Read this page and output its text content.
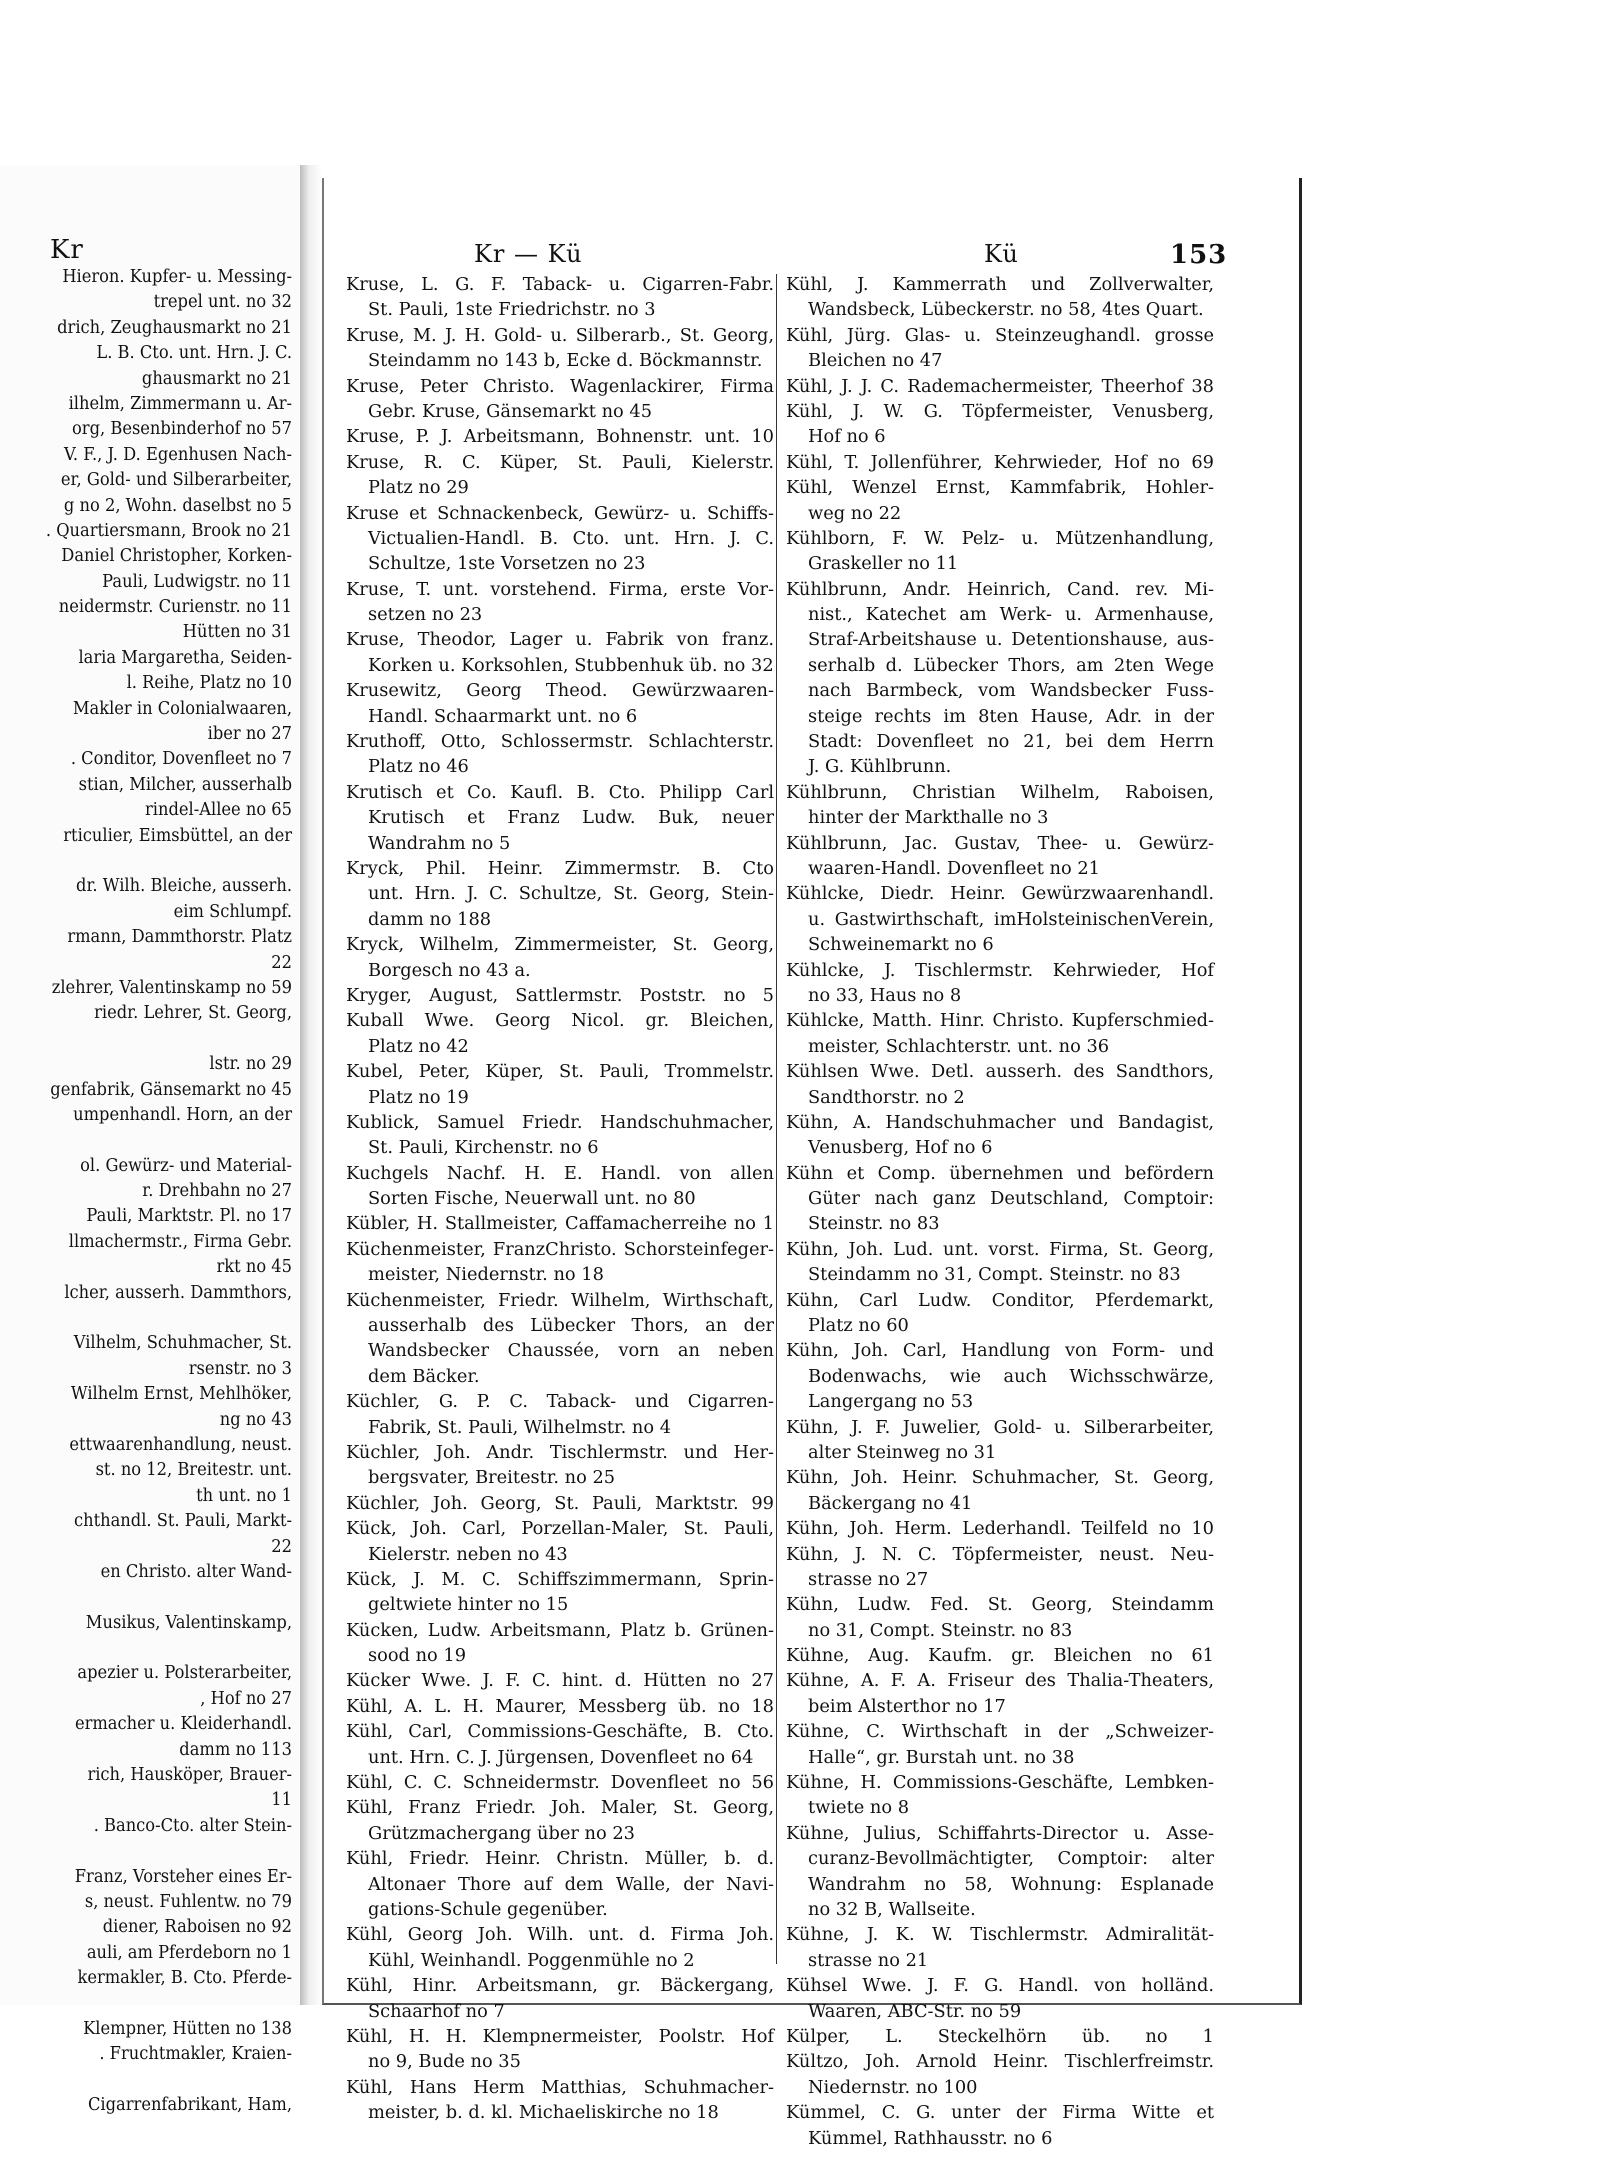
Kr
Hieron. Kupfer- u. Messing-
trepel unt. no 32
drich, Zeughausmarkt no 21
L. B. Cto. unt. Hrn. J. C.
ghausmarkt no 21
ilhelm, Zimmermann u. Ar-
org, Besenbinderhof no 57
V. F., J. D. Egenhusen Nach-
er, Gold- und Silberarbeiter,
g no 2, Wohn. daselbst no 5
. Quartiersmann, Brook no 21
Daniel Christopher, Korken-
Pauli, Ludwigstr. no 11
neidermstr. Curienstr. no 11
Hütten no 31
laria Margaretha, Seiden-
l. Reihe, Platz no 10
Makler in Colonialwaaren,
iber no 27
. Conditor, Dovenfleet no 7
stian, Milcher, ausserhalb
rindel-Allee no 65
rticulier, Eimsbüttel, an der
dr. Wilh. Bleiche, ausserh.
eim Schlumpf.
rmann, Dammthorstr. Platz
22
zlehrer, Valentinskamp no 59
riedr. Lehrer, St. Georg,
lstr. no 29
genfabrik, Gänsemarkt no 45
umpenhandl. Horn, an der
ol. Gewürz- und Material-
r. Drehbahn no 27
Pauli, Marktstr. Pl. no 17
llmachermstr., Firma Gebr.
rkt no 45
lcher, ausserh. Dammthors,
Vilhelm, Schuhmacher, St.
rsenstr. no 3
Wilhelm Ernst, Mehlhöker,
ng no 43
ettwaarenhandlung, neust.
st. no 12, Breitestr. unt.
th unt. no 1
chthandl. St. Pauli, Markt-
22
en Christo. alter Wand-
Musikus, Valentinskamp,
apezier u. Polsterarbeiter,
, Hof no 27
ermacher u. Kleiderhandl.
damm no 113
rich, Hausköper, Brauer-
11
. Banco-Cto. alter Stein-
Franz, Vorsteher eines Er-
s, neust. Fuhlentw. no 79
diener, Raboisen no 92
auli, am Pferdeborn no 1
kermakler, B. Cto. Pferde-
Klempner, Hütten no 138
. Fruchtmakler, Kraien-
Cigarrenfabrikant, Ham,
Kr — Kü	Kü	153
Kruse, L. G. F. Taback- u. Cigarren-Fabr.
St. Pauli, 1ste Friedrichstr. no 3
Kruse, M. J. H. Gold- u. Silberarb., St. Georg,
Steindamm no 143 b, Ecke d. Böckmannstr.
Kruse, Peter Christo. Wagenlackirer, Firma
Gebr. Kruse, Gänsemarkt no 45
Kruse, P. J. Arbeitsmann, Bohnenstr. unt. 10
Kruse, R. C. Küper, St. Pauli, Kielerstr.
Platz no 29
Kruse et Schnackenbeck, Gewürz- u. Schiffs-
Victualien-Handl. B. Cto. unt. Hrn. J. C.
Schultze, 1ste Vorsetzen no 23
Kruse, T. unt. vorstehend. Firma, erste Vor-
setzen no 23
Kruse, Theodor, Lager u. Fabrik von franz.
Korken u. Korksohlen, Stubbenhuk üb. no 32
Krusewitz, Georg Theod. Gewürzwaaren-
Handl. Schaarmarkt unt. no 6
Kruthoff, Otto, Schlossermstr. Schlachterstr.
Platz no 46
Krutisch et Co. Kaufl. B. Cto. Philipp Carl
Krutisch et Franz Ludw. Buk, neuer
Wandrahm no 5
Kryck, Phil. Heinr. Zimmermstr. B. Cto
unt. Hrn. J. C. Schultze, St. Georg, Stein-
damm no 188
Kryck, Wilhelm, Zimmermeister, St. Georg,
Borgesch no 43 a.
Kryger, August, Sattlermstr. Poststr. no 5
Kuball Wwe. Georg Nicol. gr. Bleichen,
Platz no 42
Kubel, Peter, Küper, St. Pauli, Trommelstr.
Platz no 19
Kublick, Samuel Friedr. Handschuhmacher,
St. Pauli, Kirchenstr. no 6
Kuchgels Nachf. H. E. Handl. von allen
Sorten Fische, Neuerwall unt. no 80
Kübler, H. Stallmeister, Caffamacherreihe no 1
Küchenmeister, FranzChristo. Schorsteinfeger-
meister, Niedernstr. no 18
Küchenmeister, Friedr. Wilhelm, Wirthschaft,
ausserhalb des Lübecker Thors, an der
Wandsbecker Chaussée, vorn an neben
dem Bäcker.
Küchler, G. P. C. Taback- und Cigarren-
Fabrik, St. Pauli, Wilhelmstr. no 4
Küchler, Joh. Andr. Tischlermstr. und Her-
bergsvater, Breitestr. no 25
Küchler, Joh. Georg, St. Pauli, Marktstr. 99
Kück, Joh. Carl, Porzellan-Maler, St. Pauli,
Kielerstr. neben no 43
Kück, J. M. C. Schiffszimmermann, Sprin-
geltwiete hinter no 15
Kücken, Ludw. Arbeitsmann, Platz b. Grünen-
sood no 19
Kücker Wwe. J. F. C. hint. d. Hütten no 27
Kühl, A. L. H. Maurer, Messberg üb. no 18
Kühl, Carl, Commissions-Geschäfte, B. Cto.
unt. Hrn. C. J. Jürgensen, Dovenfleet no 64
Kühl, C. C. Schneidermstr. Dovenfleet no 56
Kühl, Franz Friedr. Joh. Maler, St. Georg,
Grützmachergang über no 23
Kühl, Friedr. Heinr. Christn. Müller, b. d.
Altonaer Thore auf dem Walle, der Navi-
gations-Schule gegenüber.
Kühl, Georg Joh. Wilh. unt. d. Firma Joh.
Kühl, Weinhandl. Poggenmühle no 2
Kühl, Hinr. Arbeitsmann, gr. Bäckergang,
Schaarhof no 7
Kühl, H. H. Klempnermeister, Poolstr. Hof
no 9, Bude no 35
Kühl, Hans Herm Matthias, Schuhmacher-
meister, b. d. kl. Michaeliskirche no 18
Kühl, J. Kammerrath und Zollverwalter,
Wandsbeck, Lübeckerstr. no 58, 4tes Quart.
Kühl, Jürg. Glas- u. Steinzeughandl. grosse
Bleichen no 47
Kühl, J. J. C. Rademachermeister, Theerhof 38
Kühl, J. W. G. Töpfermeister, Venusberg,
Hof no 6
Kühl, T. Jollenführer, Kehrwieder, Hof no 69
Kühl, Wenzel Ernst, Kammfabrik, Hohler-
weg no 22
Kühlborn, F. W. Pelz- u. Mützenhandlung,
Graskeller no 11
Kühlbrunn, Andr. Heinrich, Cand. rev. Mi-
nist., Katechet am Werk- u. Armenhause,
Straf-Arbeitshause u. Detentionshause, aus-
serhalb d. Lübecker Thors, am 2ten Wege
nach Barmbeck, vom Wandsbecker Fuss-
steige rechts im 8ten Hause, Adr. in der
Stadt: Dovenfleet no 21, bei dem Herrn
J. G. Kühlbrunn.
Kühlbrunn, Christian Wilhelm, Raboisen,
hinter der Markthalle no 3
Kühlbrunn, Jac. Gustav, Thee- u. Gewürz-
waaren-Handl. Dovenfleet no 21
Kühlcke, Diedr. Heinr. Gewürzwaarenhandl.
u. Gastwirthschaft, imHolsteinischenVerein,
Schweinemarkt no 6
Kühlcke, J. Tischlermstr. Kehrwieder, Hof
no 33, Haus no 8
Kühlcke, Matth. Hinr. Christo. Kupferschmied-
meister, Schlachterstr. unt. no 36
Kühlsen Wwe. Detl. ausserh. des Sandthors,
Sandthorstr. no 2
Kühn, A. Handschuhmacher und Bandagist,
Venusberg, Hof no 6
Kühn et Comp. übernehmen und befördern
Güter nach ganz Deutschland, Comptoir:
Steinstr. no 83
Kühn, Joh. Lud. unt. vorst. Firma, St. Georg,
Steindamm no 31, Compt. Steinstr. no 83
Kühn, Carl Ludw. Conditor, Pferdemarkt,
Platz no 60
Kühn, Joh. Carl, Handlung von Form- und
Bodenwachs, wie auch Wichsschwärze,
Langergang no 53
Kühn, J. F. Juwelier, Gold- u. Silberarbeiter,
alter Steinweg no 31
Kühn, Joh. Heinr. Schuhmacher, St. Georg,
Bäckergang no 41
Kühn, Joh. Herm. Lederhandl. Teilfeld no 10
Kühn, J. N. C. Töpfermeister, neust. Neu-
strasse no 27
Kühn, Ludw. Fed. St. Georg, Steindamm
no 31, Compt. Steinstr. no 83
Kühne, Aug. Kaufm. gr. Bleichen no 61
Kühne, A. F. A. Friseur des Thalia-Theaters,
beim Alsterthor no 17
Kühne, C. Wirthschaft in der „Schweizer-
Halle“, gr. Burstah unt. no 38
Kühne, H. Commissions-Geschäfte, Lembken-
twiete no 8
Kühne, Julius, Schiffahrts-Director u. Asse-
curanz-Bevollmächtigter, Comptoir: alter
Wandrahm no 58, Wohnung: Esplanade
no 32 B, Wallseite.
Kühne, J. K. W. Tischlermstr. Admiralität-
strasse no 21
Kühsel Wwe. J. F. G. Handl. von holländ.
Waaren, ABC-Str. no 59
Külper, L. Steckelhörn üb. no 1
Kültzo, Joh. Arnold Heinr. Tischlerfreimstr.
Niedernstr. no 100
Kümmel, C. G. unter der Firma Witte et
Kümmel, Rathhausstr. no 6
